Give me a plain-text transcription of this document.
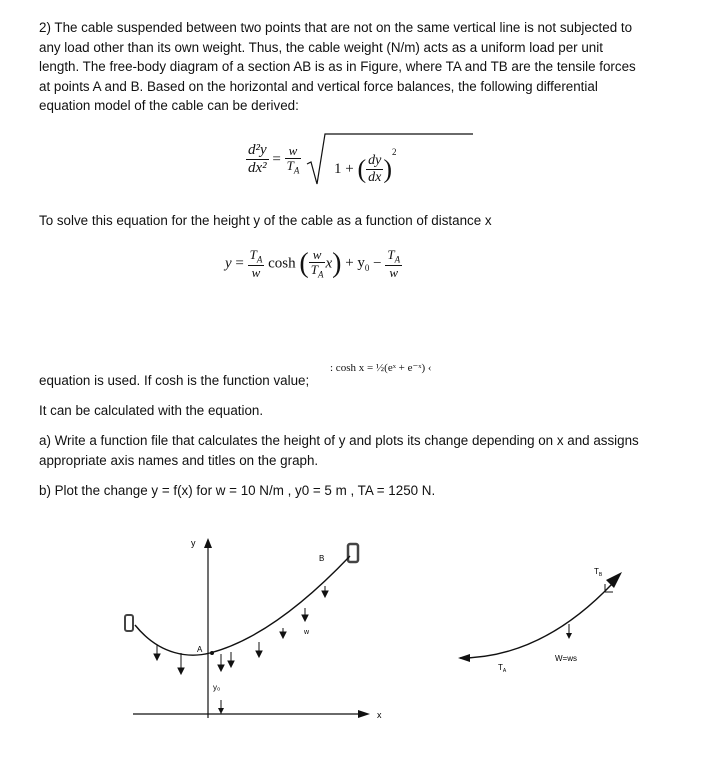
2) The cable suspended between two points that are not on the same vertical line is not subjected to
any load other than its own weight. Thus, the cable weight (N/m) acts as a uniform load per unit
length. The free-body diagram of a section AB is as in Figure, where TA and TB are the tensile forces
at points A and B. Based on the horizontal and vertical force balances, the following differential
equation model of the cable can be derived:

$\frac{\text{d²y}}{\text{dx²}} = \frac{w}{T_A}$
1 + ( $\frac{dy}{dx} )^2$

To solve this equation for the height y of the cable as a function of distance x

$y = \frac{T_A}{w}$ cosh ( $\frac{w}{T_A} x) + y_0 - \frac{T_A}{w}$
: cosh x = ½(eˣ + e⁻ˣ) ‹

equation is used. If cosh is the function value;

It can be calculated with the equation.

a) Write a function file that calculates the height of y and plots its change depending on x and assigns
appropriate axis names and titles on the graph.

b) Plot the change y = f(x) for w = 10 N/m , y0 = 5 m , TA = 1250 N.

y
x
A
B
w
y₀
$T_B$
$T_A$
W=ws
